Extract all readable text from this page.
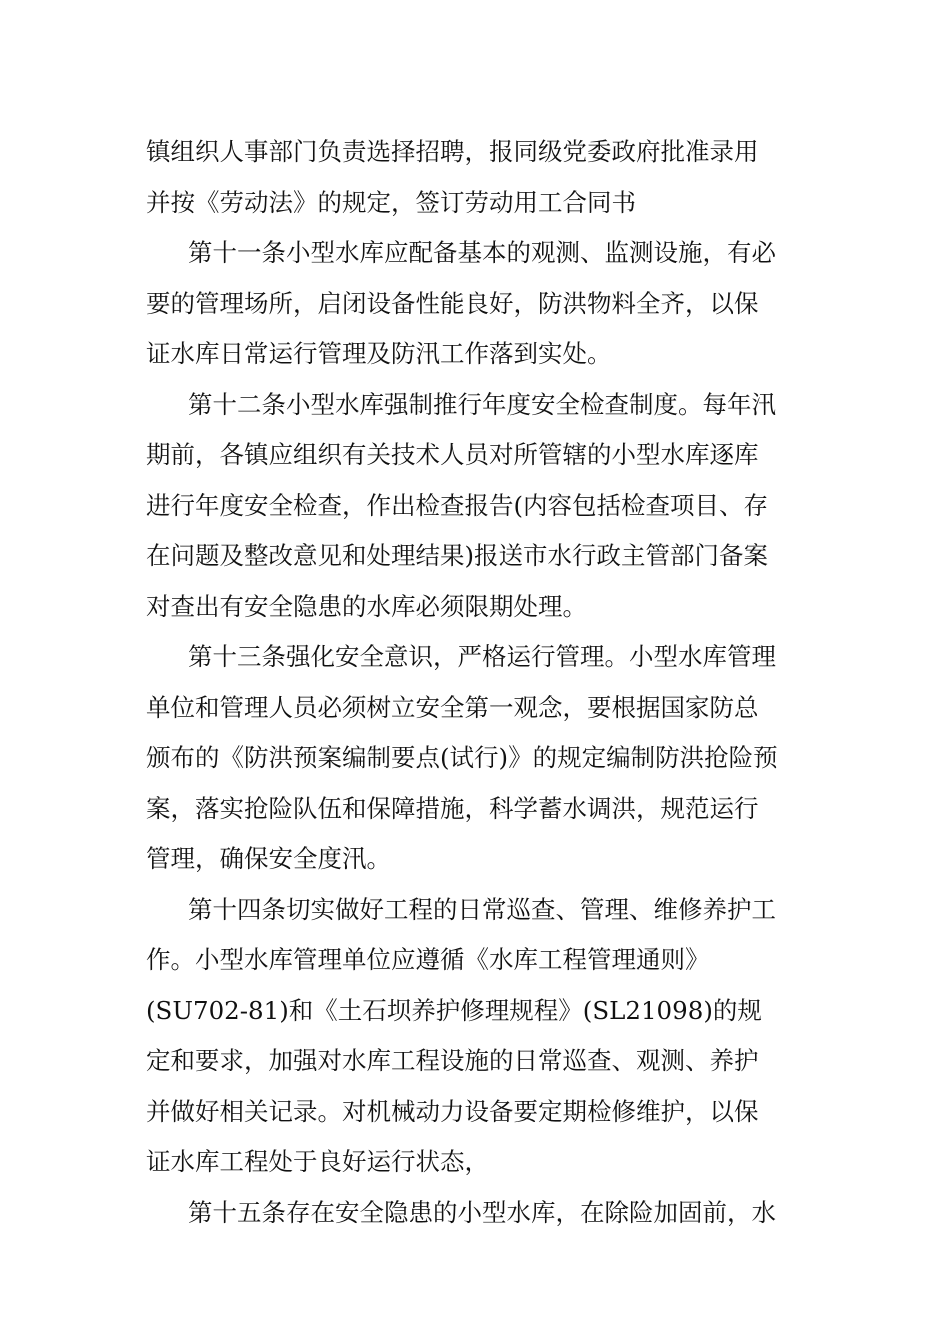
镇组织人事部门负责选择招聘，报同级党委政府批准录用
并按《劳动法》的规定，签订劳动用工合同书
第十一条小型水库应配备基本的观测、监测设施，有必
要的管理场所，启闭设备性能良好，防洪物料全齐，以保
证水库日常运行管理及防汛工作落到实处。
第十二条小型水库强制推行年度安全检查制度。每年汛
期前，各镇应组织有关技术人员对所管辖的小型水库逐库
进行年度安全检查，作出检查报告(内容包括检查项目、存
在问题及整改意见和处理结果)报送市水行政主管部门备案
对查出有安全隐患的水库必须限期处理。
第十三条强化安全意识，严格运行管理。小型水库管理
单位和管理人员必须树立安全第一观念，要根据国家防总
颁布的《防洪预案编制要点(试行)》的规定编制防洪抢险预
案，落实抢险队伍和保障措施，科学蓄水调洪，规范运行
管理，确保安全度汛。
第十四条切实做好工程的日常巡查、管理、维修养护工
作。小型水库管理单位应遵循《水库工程管理通则》
(SU702-81)和《土石坝养护修理规程》(SL21098)的规
定和要求，加强对水库工程设施的日常巡查、观测、养护
并做好相关记录。对机械动力设备要定期检修维护，以保
证水库工程处于良好运行状态，
第十五条存在安全隐患的小型水库，在除险加固前，水
